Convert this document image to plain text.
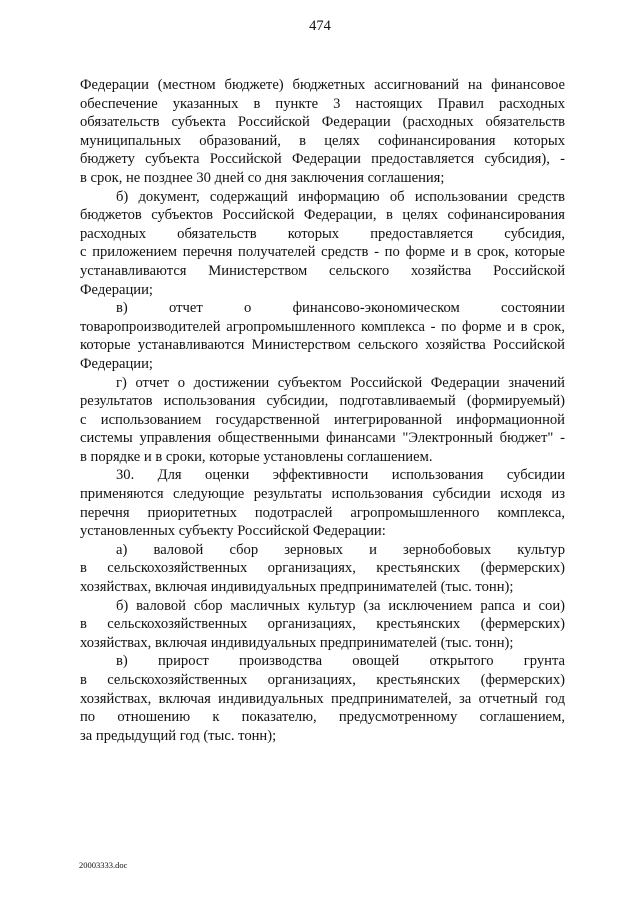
474
Федерации (местном бюджете) бюджетных ассигнований на финансовое
обеспечение указанных в пункте 3 настоящих Правил расходных
обязательств субъекта Российской Федерации (расходных обязательств
муниципальных образований, в целях софинансирования которых
бюджету субъекта Российской Федерации предоставляется субсидия), -
в срок, не позднее 30 дней со дня заключения соглашения;
б) документ, содержащий информацию об использовании средств
бюджетов субъектов Российской Федерации, в целях софинансирования
расходных обязательств которых предоставляется субсидия,
с приложением перечня получателей средств - по форме и в срок, которые
устанавливаются Министерством сельского хозяйства Российской
Федерации;
в) отчет о финансово-экономическом состоянии
товаропроизводителей агропромышленного комплекса - по форме и в срок,
которые устанавливаются Министерством сельского хозяйства Российской
Федерации;
г) отчет о достижении субъектом Российской Федерации значений
результатов использования субсидии, подготавливаемый (формируемый)
с использованием государственной интегрированной информационной
системы управления общественными финансами "Электронный бюджет" -
в порядке и в сроки, которые установлены соглашением.
30. Для оценки эффективности использования субсидии
применяются следующие результаты использования субсидии исходя из
перечня приоритетных подотраслей агропромышленного комплекса,
установленных субъекту Российской Федерации:
а) валовой сбор зерновых и зернобобовых культур
в сельскохозяйственных организациях, крестьянских (фермерских)
хозяйствах, включая индивидуальных предпринимателей (тыс. тонн);
б) валовой сбор масличных культур (за исключением рапса и сои)
в сельскохозяйственных организациях, крестьянских (фермерских)
хозяйствах, включая индивидуальных предпринимателей (тыс. тонн);
в) прирост производства овощей открытого грунта
в сельскохозяйственных организациях, крестьянских (фермерских)
хозяйствах, включая индивидуальных предпринимателей, за отчетный год
по отношению к показателю, предусмотренному соглашением,
за предыдущий год (тыс. тонн);
20003333.doc
